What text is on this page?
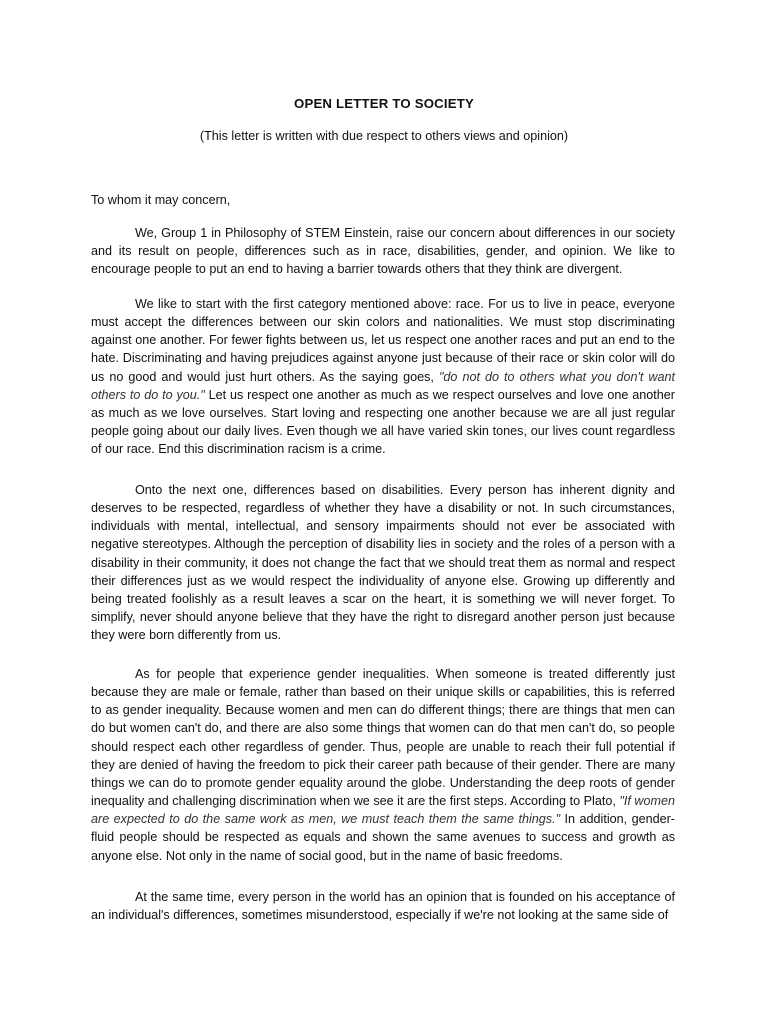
OPEN LETTER TO SOCIETY
(This letter is written with due respect to others views and opinion)
To whom it may concern,

We, Group 1 in Philosophy of STEM Einstein, raise our concern about differences in our society and its result on people, differences such as in race, disabilities, gender, and opinion. We like to encourage people to put an end to having a barrier towards others that they think are divergent.

We like to start with the first category mentioned above: race. For us to live in peace, everyone must accept the differences between our skin colors and nationalities. We must stop discriminating against one another. For fewer fights between us, let us respect one another races and put an end to the hate. Discriminating and having prejudices against anyone just because of their race or skin color will do us no good and would just hurt others. As the saying goes, "do not do to others what you don't want others to do to you." Let us respect one another as much as we respect ourselves and love one another as much as we love ourselves. Start loving and respecting one another because we are all just regular people going about our daily lives. Even though we all have varied skin tones, our lives count regardless of our race. End this discrimination racism is a crime.

Onto the next one, differences based on disabilities. Every person has inherent dignity and deserves to be respected, regardless of whether they have a disability or not. In such circumstances, individuals with mental, intellectual, and sensory impairments should not ever be associated with negative stereotypes. Although the perception of disability lies in society and the roles of a person with a disability in their community, it does not change the fact that we should treat them as normal and respect their differences just as we would respect the individuality of anyone else. Growing up differently and being treated foolishly as a result leaves a scar on the heart, it is something we will never forget. To simplify, never should anyone believe that they have the right to disregard another person just because they were born differently from us.

As for people that experience gender inequalities. When someone is treated differently just because they are male or female, rather than based on their unique skills or capabilities, this is referred to as gender inequality. Because women and men can do different things; there are things that men can do but women can't do, and there are also some things that women can do that men can't do, so people should respect each other regardless of gender. Thus, people are unable to reach their full potential if they are denied of having the freedom to pick their career path because of their gender. There are many things we can do to promote gender equality around the globe. Understanding the deep roots of gender inequality and challenging discrimination when we see it are the first steps. According to Plato, "If women are expected to do the same work as men, we must teach them the same things." In addition, gender-fluid people should be respected as equals and shown the same avenues to success and growth as anyone else. Not only in the name of social good, but in the name of basic freedoms.

At the same time, every person in the world has an opinion that is founded on his acceptance of an individual's differences, sometimes misunderstood, especially if we're not looking at the same side of
